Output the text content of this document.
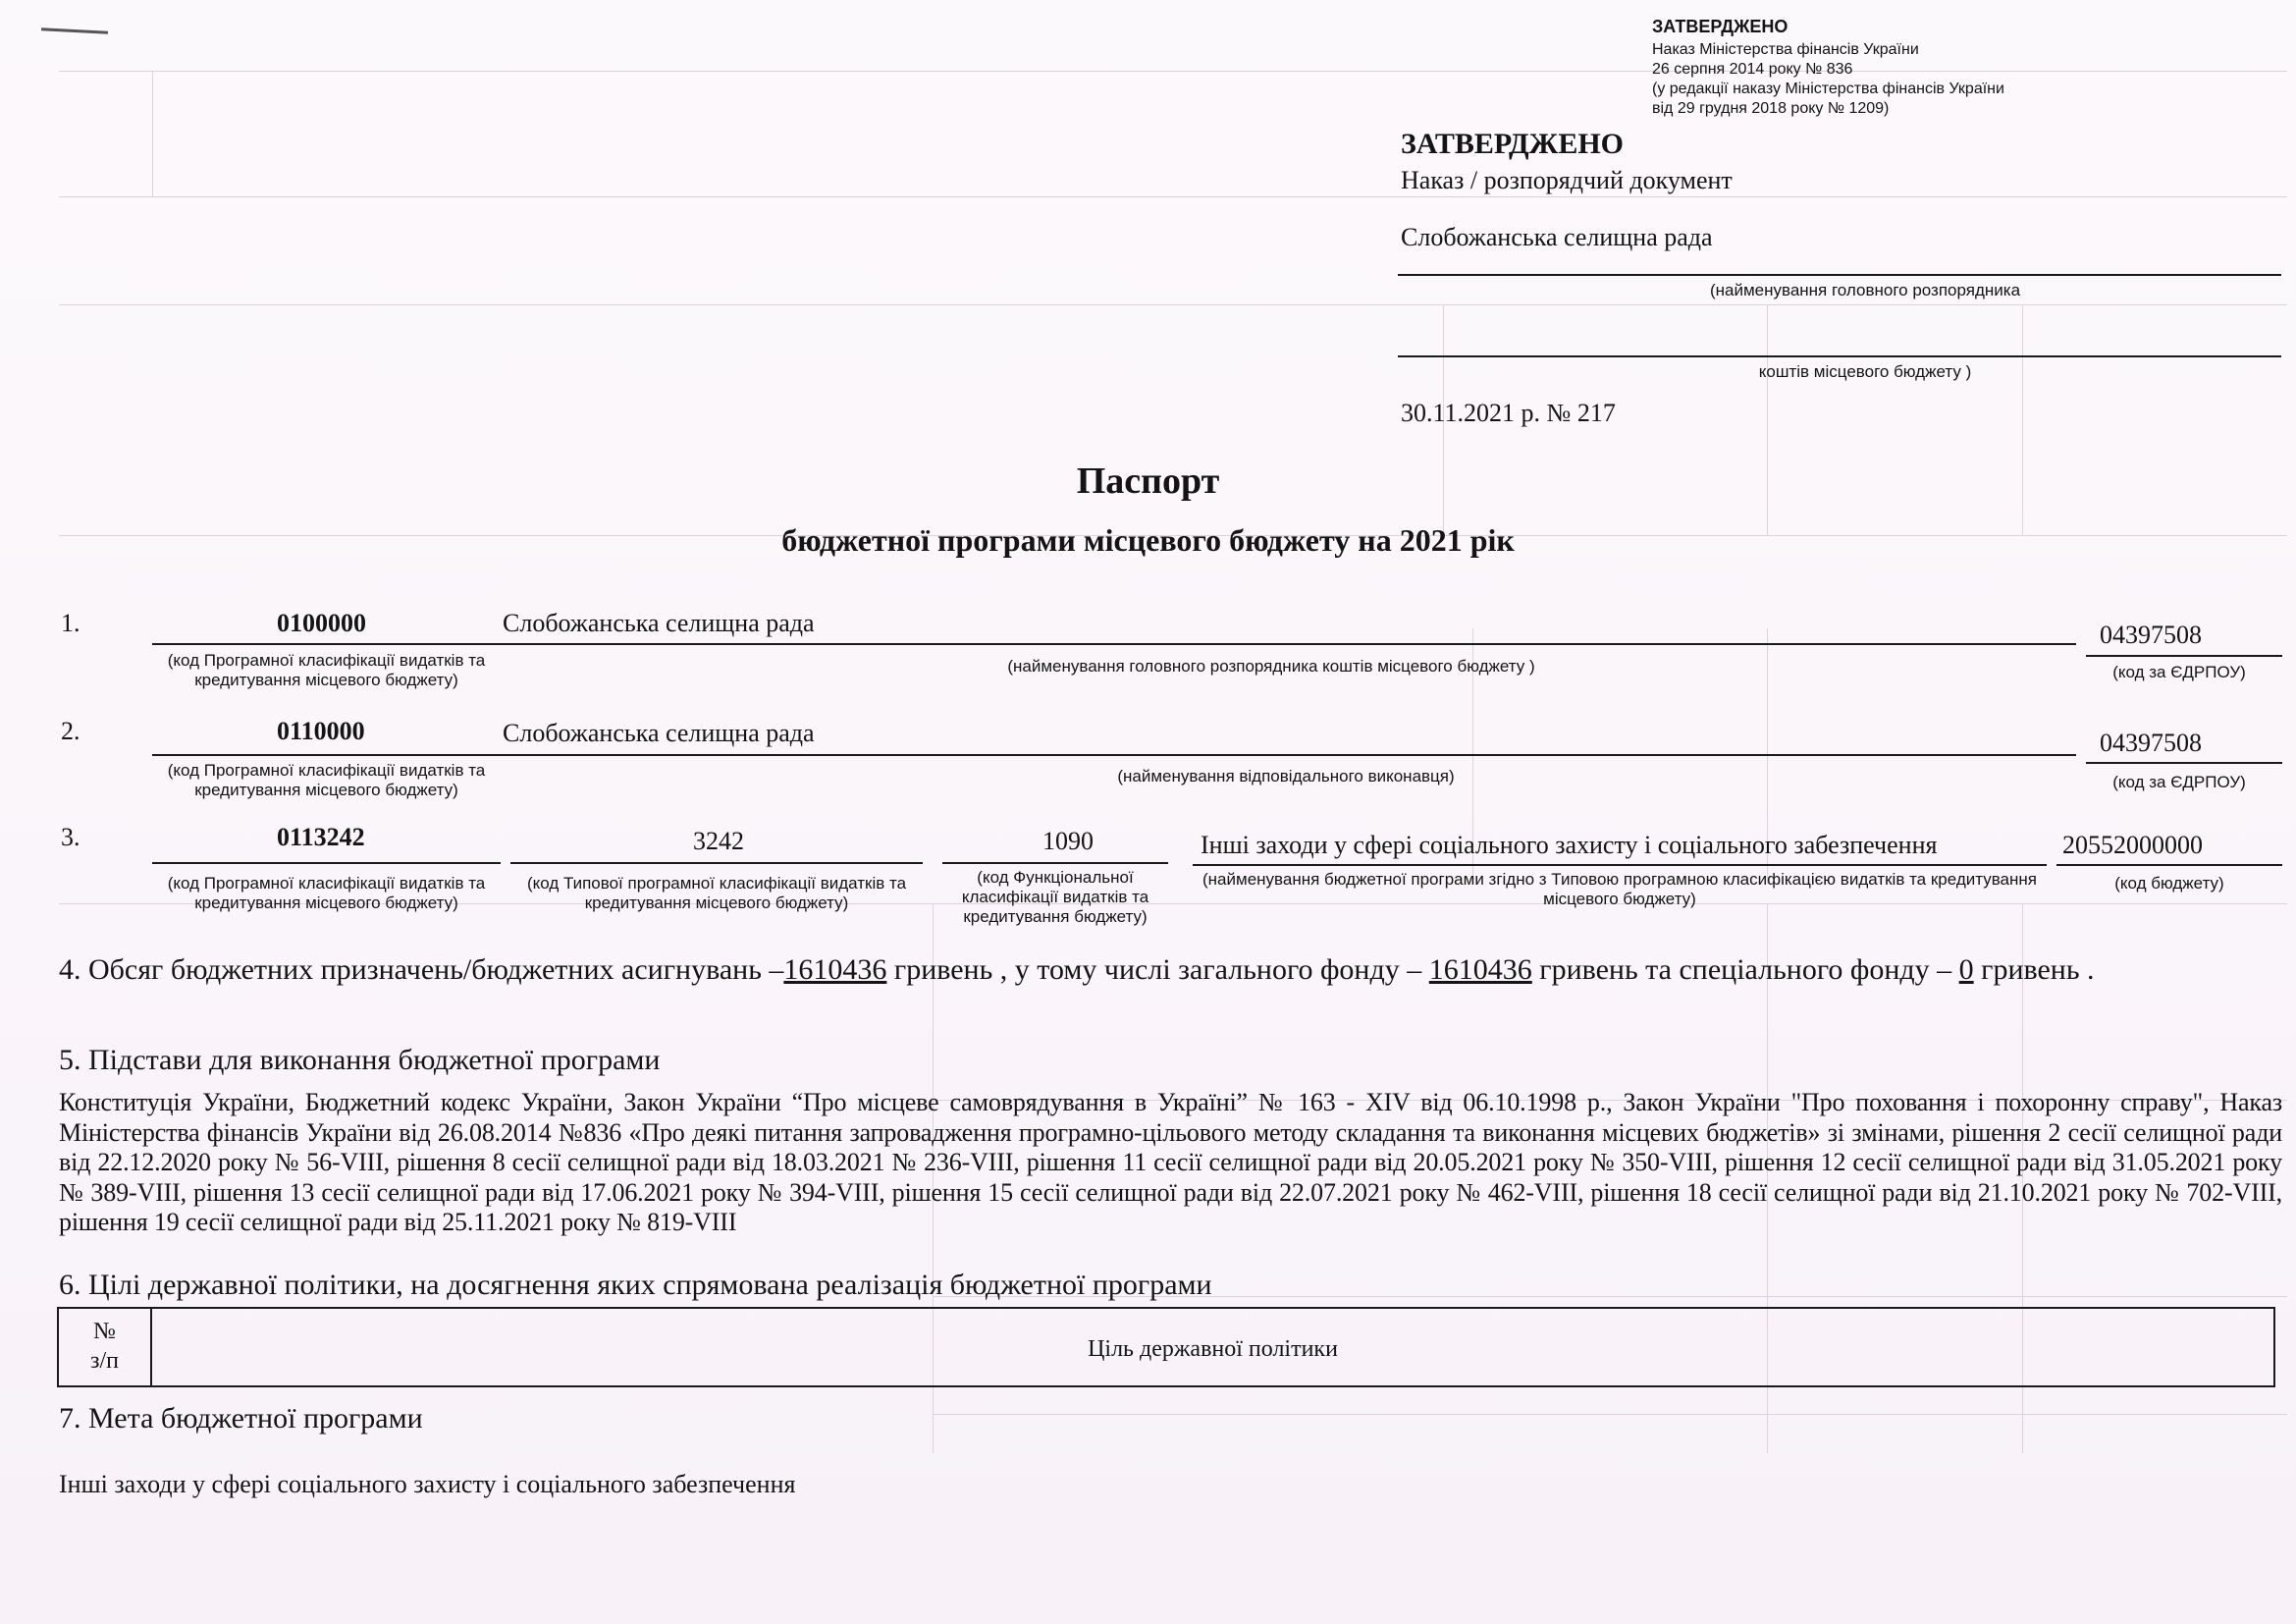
ЗАТВЕРДЖЕНО
Наказ Міністерства фінансів України
26 серпня 2014 року № 836
(у редакції наказу Міністерства фінансів України
від 29 грудня 2018 року № 1209)
ЗАТВЕРДЖЕНО
Наказ / розпорядчий документ
Слобожанська селищна рада
(найменування головного розпорядника
коштів місцевого бюджету )
30.11.2021 р. № 217
Паспорт
бюджетної програми місцевого бюджету на 2021 рік
1.	0100000	Слобожанська селищна рада	04397508
(код Програмної класифікації видатків та кредитування місцевого бюджету)
(найменування головного розпорядника коштів місцевого бюджету )	(код за ЄДРПОУ)
2.	0110000	Слобожанська селищна рада	04397508
(код Програмної класифікації видатків та кредитування місцевого бюджету)
(найменування відповідального виконавця)	(код за ЄДРПОУ)
3.	0113242	3242	1090	Інші заходи у сфері соціального захисту і соціального забезпечення	20552000000
(код Програмної класифікації видатків та кредитування місцевого бюджету)
(код Типової програмної класифікації видатків та кредитування місцевого бюджету)
(код Функціональної класифікації видатків та кредитування бюджету)
(найменування бюджетної програми згідно з Типовою програмною класифікацією видатків та кредитування місцевого бюджету)
(код бюджету)
4. Обсяг бюджетних призначень/бюджетних асигнувань –1610436 гривень , у тому числі загального фонду – 1610436 гривень та спеціального фонду – 0 гривень .
5. Підстави для виконання бюджетної програми
Конституція України, Бюджетний кодекс України, Закон України “Про місцеве самоврядування в Україні” № 163 - XIV від 06.10.1998 р., Закон України "Про поховання і похоронну справу", Наказ Міністерства фінансів України від 26.08.2014 №836 «Про деякі питання запровадження програмно-цільового методу складання та виконання місцевих бюджетів» зі змінами, рішення 2 сесії селищної ради від 22.12.2020 року № 56-VIII, рішення 8 сесії селищної ради від 18.03.2021 № 236-VIII, рішення 11 сесії селищної ради від 20.05.2021 року № 350-VIII, рішення 12 сесії селищної ради від 31.05.2021 року № 389-VIII, рішення 13 сесії селищної ради від 17.06.2021 року № 394-VIII, рішення 15 сесії селищної ради від 22.07.2021 року № 462-VIII, рішення 18 сесії селищної ради від 21.10.2021 року № 702-VIII, рішення 19 сесії селищної ради від 25.11.2021 року № 819-VIII
6. Цілі державної політики, на досягнення яких спрямована реалізація бюджетної програми
№
з/п	Ціль державної політики
7. Мета бюджетної програми
Інші заходи у сфері соціального захисту і соціального забезпечення
